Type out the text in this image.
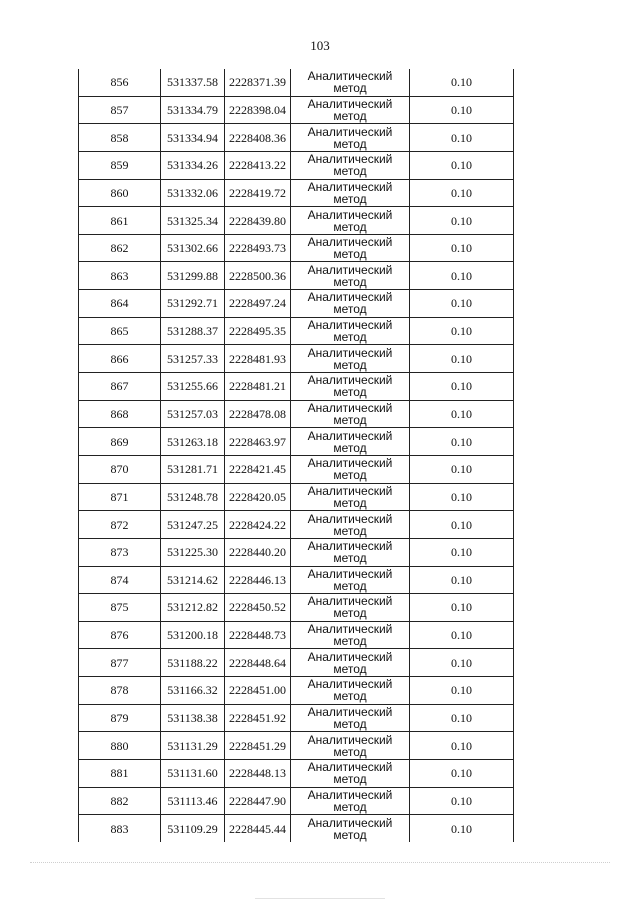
103
856	531337.58	2228371.39	Аналитический
метод	0.10
857	531334.79	2228398.04	Аналитический
метод	0.10
858	531334.94	2228408.36	Аналитический
метод	0.10
859	531334.26	2228413.22	Аналитический
метод	0.10
860	531332.06	2228419.72	Аналитический
метод	0.10
861	531325.34	2228439.80	Аналитический
метод	0.10
862	531302.66	2228493.73	Аналитический
метод	0.10
863	531299.88	2228500.36	Аналитический
метод	0.10
864	531292.71	2228497.24	Аналитический
метод	0.10
865	531288.37	2228495.35	Аналитический
метод	0.10
866	531257.33	2228481.93	Аналитический
метод	0.10
867	531255.66	2228481.21	Аналитический
метод	0.10
868	531257.03	2228478.08	Аналитический
метод	0.10
869	531263.18	2228463.97	Аналитический
метод	0.10
870	531281.71	2228421.45	Аналитический
метод	0.10
871	531248.78	2228420.05	Аналитический
метод	0.10
872	531247.25	2228424.22	Аналитический
метод	0.10
873	531225.30	2228440.20	Аналитический
метод	0.10
874	531214.62	2228446.13	Аналитический
метод	0.10
875	531212.82	2228450.52	Аналитический
метод	0.10
876	531200.18	2228448.73	Аналитический
метод	0.10
877	531188.22	2228448.64	Аналитический
метод	0.10
878	531166.32	2228451.00	Аналитический
метод	0.10
879	531138.38	2228451.92	Аналитический
метод	0.10
880	531131.29	2228451.29	Аналитический
метод	0.10
881	531131.60	2228448.13	Аналитический
метод	0.10
882	531113.46	2228447.90	Аналитический
метод	0.10
883	531109.29	2228445.44	Аналитический
метод	0.10
